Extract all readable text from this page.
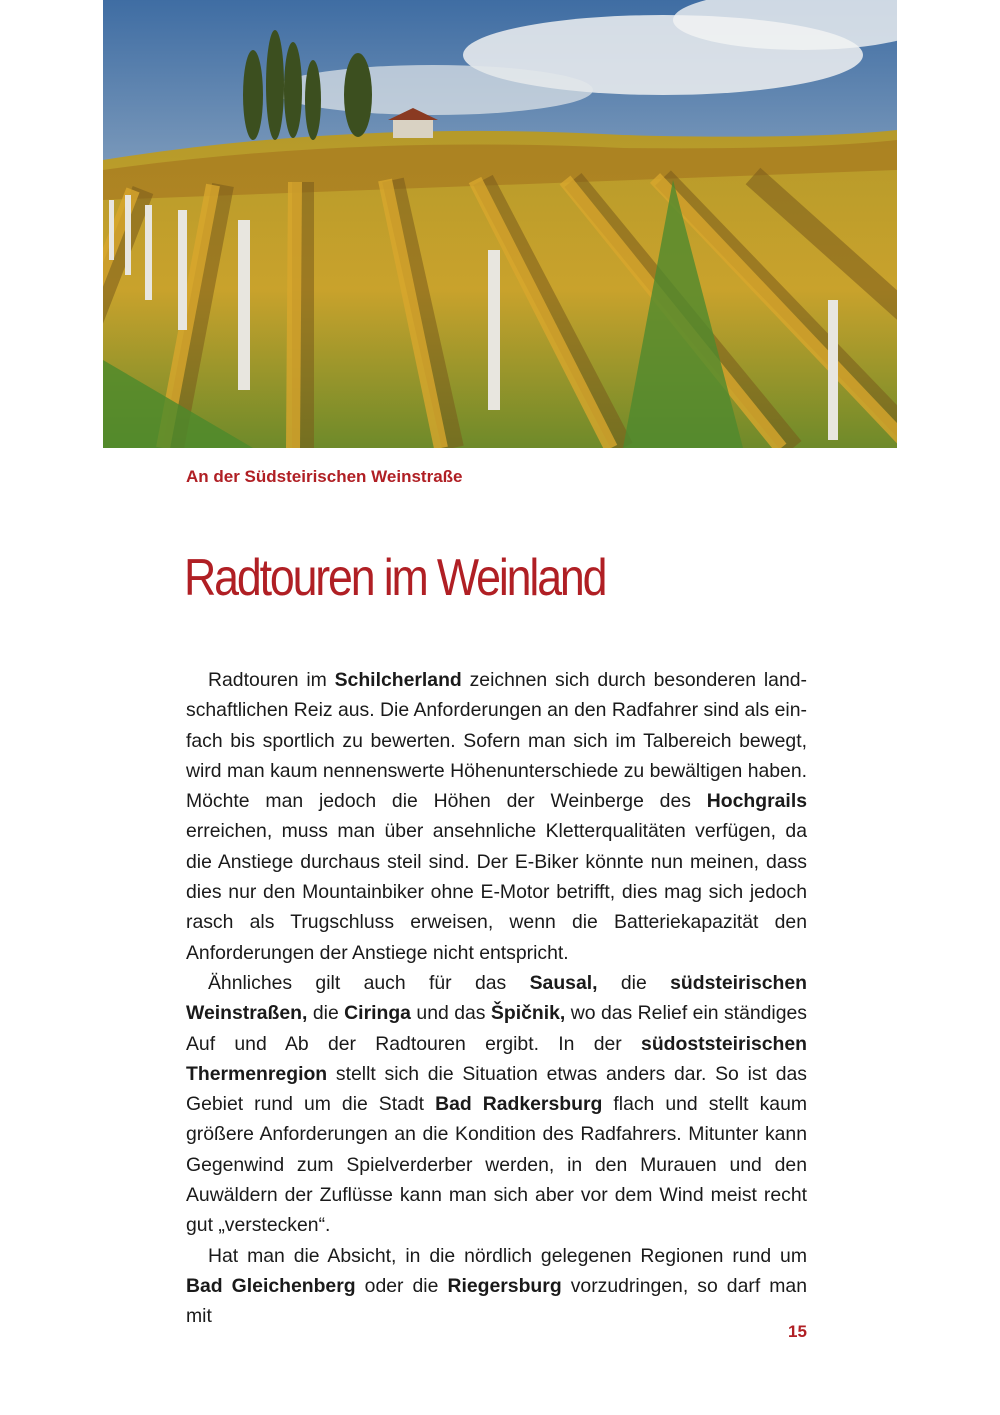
An der Südsteirischen Weinstraße
Radtouren im Weinland

Radtouren im Schilcherland zeichnen sich durch besonderen landschaftlichen Reiz aus. Die Anforderungen an den Radfahrer sind als einfach bis sportlich zu bewerten. Sofern man sich im Talbereich bewegt, wird man kaum nennenswerte Höhenunterschiede zu bewältigen haben. Möchte man jedoch die Höhen der Weinberge des Hochgrails erreichen, muss man über ansehnliche Kletterqualitäten verfügen, da die Anstiege durchaus steil sind. Der E-Biker könnte nun meinen, dass dies nur den Mountainbiker ohne E-Motor betrifft, dies mag sich jedoch rasch als Trugschluss erweisen, wenn die Batteriekapazität den Anforderungen der Anstiege nicht entspricht.

Ähnliches gilt auch für das Sausal, die südsteirischen Weinstraßen, die Ciringa und das Špičnik, wo das Relief ein ständiges Auf und Ab der Radtouren ergibt. In der südoststeirischen Thermenregion stellt sich die Situation etwas anders dar. So ist das Gebiet rund um die Stadt Bad Radkersburg flach und stellt kaum größere Anforderungen an die Kondition des Radfahrers. Mitunter kann Gegenwind zum Spielverderber werden, in den Murauen und den Auwäldern der Zuflüsse kann man sich aber vor dem Wind meist recht gut „verstecken“.

Hat man die Absicht, in die nördlich gelegenen Regionen rund um Bad Gleichenberg oder die Riegersburg vorzudringen, so darf man mit

15
